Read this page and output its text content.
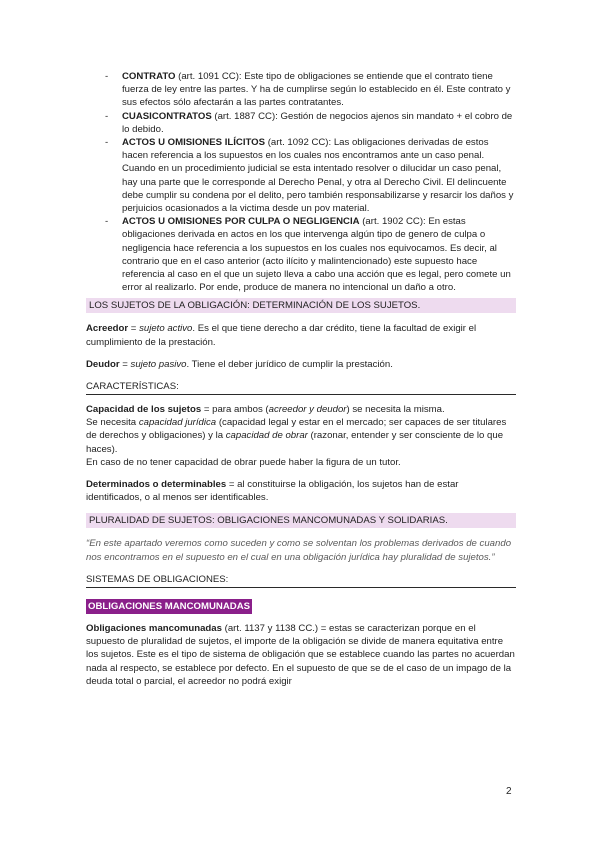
- CONTRATO (art. 1091 CC): Este tipo de obligaciones se entiende que el contrato tiene fuerza de ley entre las partes. Y ha de cumplirse según lo establecido en él. Este contrato y sus efectos sólo afectarán a las partes contratantes.
- CUASICONTRATOS (art. 1887 CC): Gestión de negocios ajenos sin mandato + el cobro de lo debido.
- ACTOS U OMISIONES ILÍCITOS (art. 1092 CC): Las obligaciones derivadas de estos hacen referencia a los supuestos en los cuales nos encontramos ante un caso penal. Cuando en un procedimiento judicial se esta intentado resolver o dilucidar un caso penal, hay una parte que le corresponde al Derecho Penal, y otra al Derecho Civil. El delincuente debe cumplir su condena por el delito, pero también responsabilizarse y resarcir los daños y perjuicios ocasionados a la victima desde un pov material.
- ACTOS U OMISIONES POR CULPA O NEGLIGENCIA (art. 1902 CC): En estas obligaciones derivada en actos en los que intervenga algún tipo de genero de culpa o negligencia hace referencia a los supuestos en los cuales nos equivocamos. Es decir, al contrario que en el caso anterior (acto ilícito y malintencionado) este supuesto hace referencia al caso en el que un sujeto lleva a cabo una acción que es legal, pero comete un error al realizarlo. Por ende, produce de manera no intencional un daño a otro.
LOS SUJETOS DE LA OBLIGACIÓN: DETERMINACIÓN DE LOS SUJETOS.

Acreedor = sujeto activo. Es el que tiene derecho a dar crédito, tiene la facultad de exigir el cumplimiento de la prestación.

Deudor = sujeto pasivo. Tiene el deber jurídico de cumplir la prestación.

CARACTERÍSTICAS:

Capacidad de los sujetos = para ambos (acreedor y deudor) se necesita la misma.
Se necesita capacidad jurídica (capacidad legal y estar en el mercado; ser capaces de ser titulares de derechos y obligaciones) y la capacidad de obrar (razonar, entender y ser consciente de lo que haces).
En caso de no tener capacidad de obrar puede haber la figura de un tutor.

Determinados o determinables = al constituirse la obligación, los sujetos han de estar identificados, o al menos ser identificables.

PLURALIDAD DE SUJETOS: OBLIGACIONES MANCOMUNADAS Y SOLIDARIAS.

“En este apartado veremos como suceden y como se solventan los problemas derivados de cuando nos encontramos en el supuesto en el cual en una obligación jurídica hay pluralidad de sujetos.”

SISTEMAS DE OBLIGACIONES:
OBLIGACIONES MANCOMUNADAS

Obligaciones mancomunadas (art. 1137 y 1138 CC.) = estas se caracterizan porque en el supuesto de pluralidad de sujetos, el importe de la obligación se divide de manera equitativa entre los sujetos. Este es el tipo de sistema de obligación que se establece cuando las partes no acuerdan nada al respecto, se establece por defecto. En el supuesto de que se de el caso de un impago de la deuda total o parcial, el acreedor no podrá exigir

2
